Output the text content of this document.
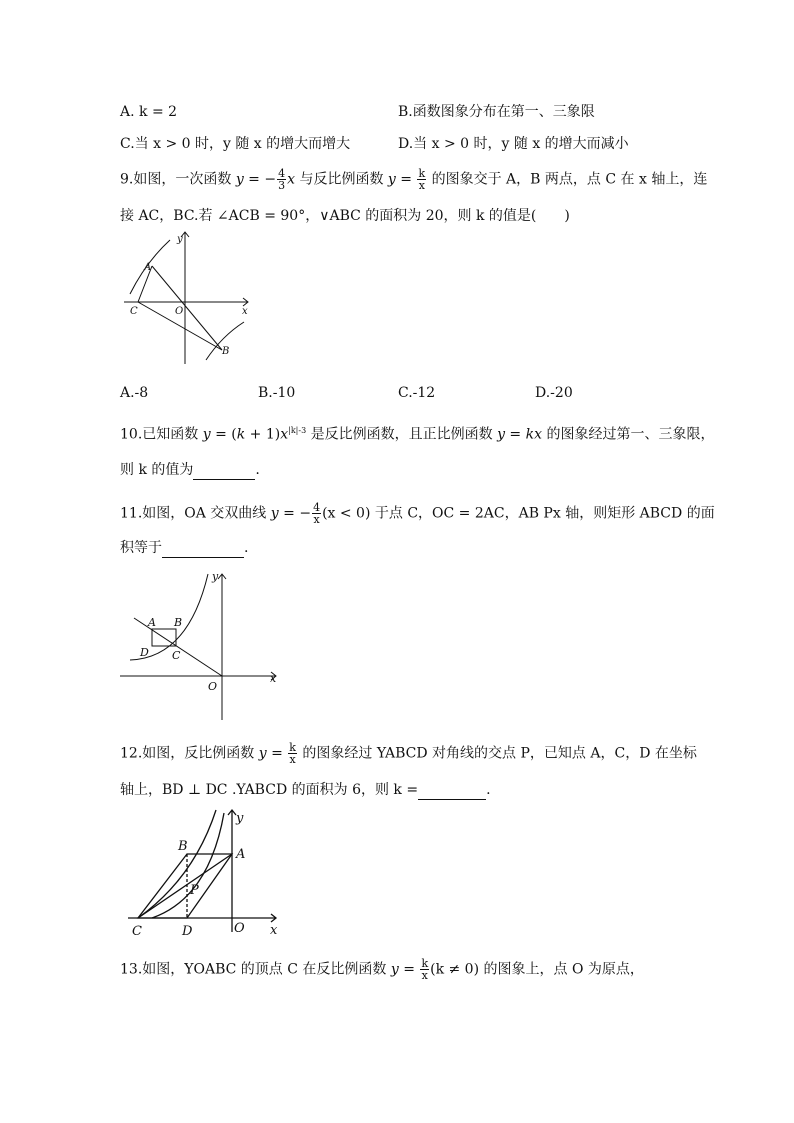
A. k = 2	B.函数图象分布在第一、三象限
C.当 x > 0 时，y 随 x 的增大而增大	D.当 x > 0 时，y 随 x 的增大而减小
9.如图，一次函数 y = − $\frac{4}{3}$ x 与反比例函数 $y = \frac{k}{x}$ 的图象交于 A，B 两点，点 C 在 x 轴上，连
接 AC，BC.若 ∠ACB = 90°，∨ABC 的面积为 20，则 k 的值是(　　)
y
x
A
B
C	O
A.-8	B.-10	C.-12	D.-20
10.已知函数 $y = (k + 1)x^{|k|-3}$ 是反比例函数，且正比例函数 y = kx 的图象经过第一、三象限，
则 k 的值为	.
11.如图，OA 交双曲线 y = − $\frac{4}{x} (x < 0)$ 于点 C，OC = 2AC，AB Px 轴，则矩形 ABCD 的面
积等于	.
y
x
A B
C
D
O
12.如图，反比例函数 $y = \frac{k}{x}$ 的图象经过 YABCD 对角线的交点 P，已知点 A，C，D 在坐标
轴上，BD ⊥ DC .YABCD 的面积为 6，则 k =	.
y
x
A
B
C	D	O
P
13.如图，YOABC 的顶点 C 在反比例函数 $y = \frac{k}{x} (k \ne 0)$ 的图象上，点 O 为原点，
